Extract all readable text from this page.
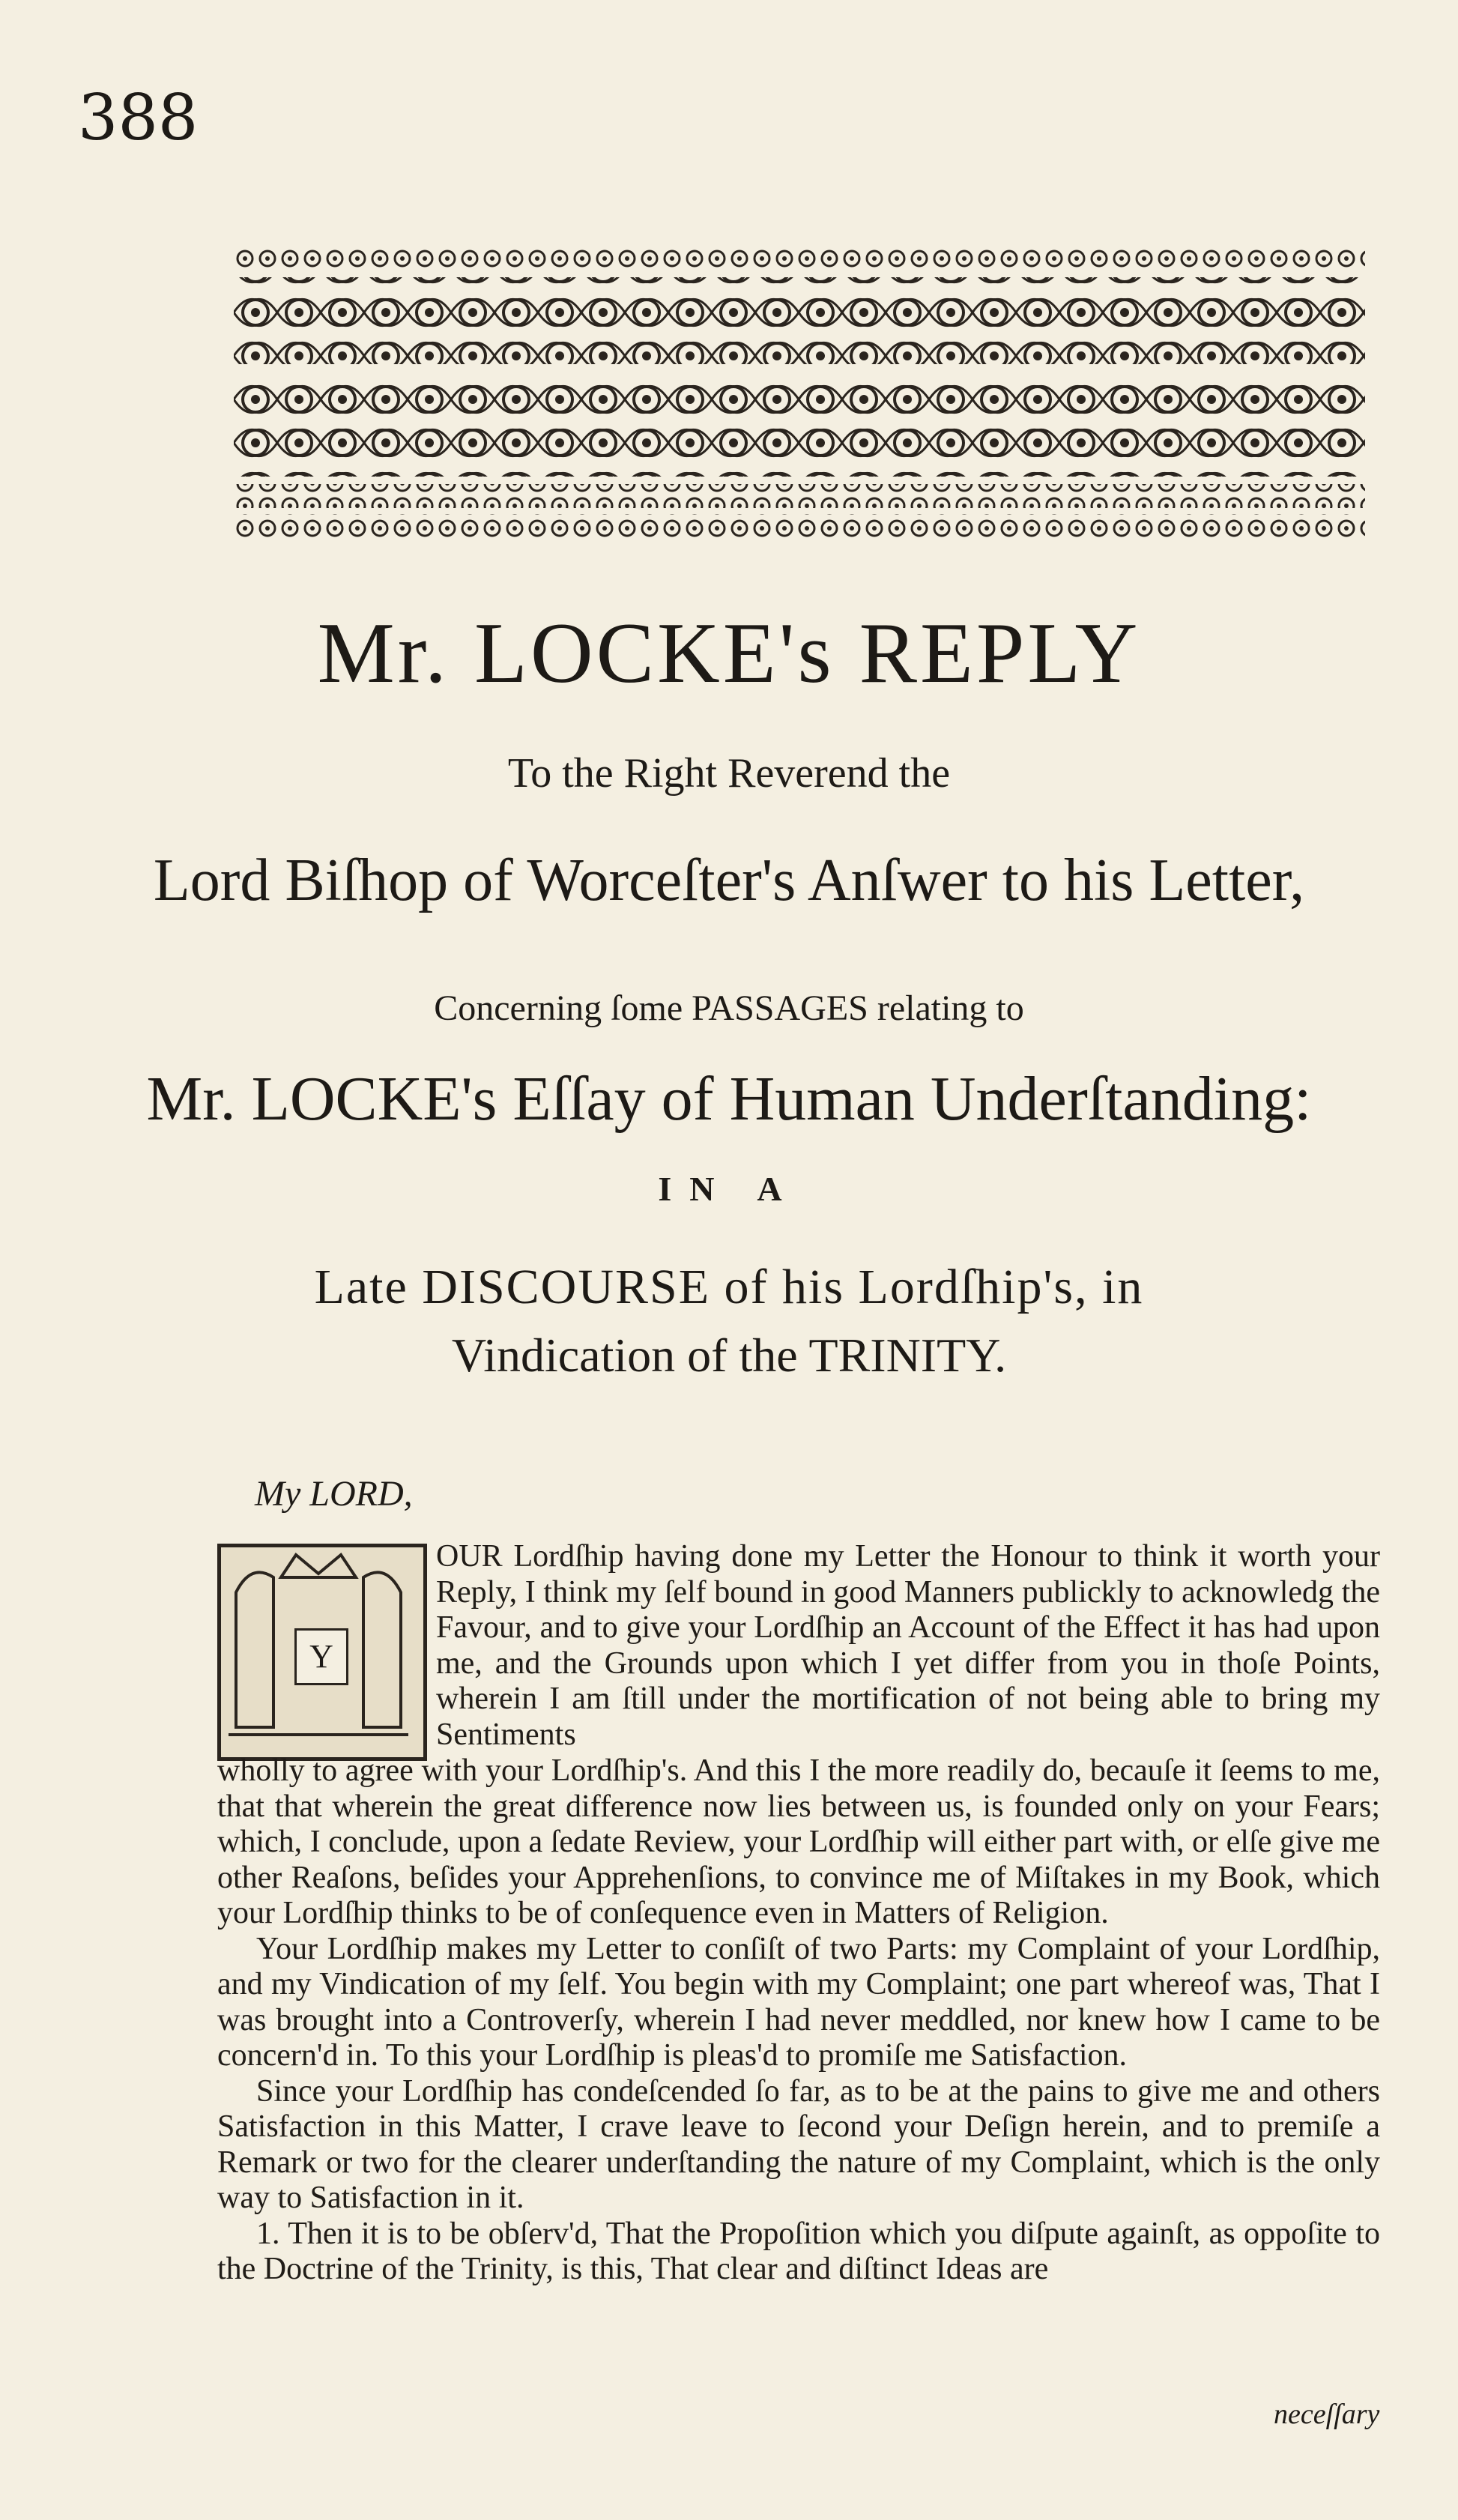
388
Mr. LOCKE's REPLY
To the Right Reverend the
Lord Biſhop of Worceſter's Anſwer to his Letter,
Concerning ſome PASSAGES relating to
Mr. LOCKE's Eſſay of Human Underſtanding:
IN A
Late DISCOURSE of his Lordſhip's, in
Vindication of the TRINITY.
My LORD,
Y
OUR Lordſhip having done my Letter the Honour to think it worth your Reply, I think my ſelf bound in good Manners publickly to acknowledg the Favour, and to give your Lordſhip an Account of the Effect it has had upon me, and the Grounds upon which I yet differ from you in thoſe Points, wherein I am ſtill under the mortification of not being able to bring my Sentiments

wholly to agree with your Lordſhip's. And this I the more readily do, becauſe it ſeems to me, that that wherein the great difference now lies between us, is founded only on your Fears; which, I conclude, upon a ſedate Review, your Lordſhip will either part with, or elſe give me other Reaſons, beſides your Apprehenſions, to convince me of Miſtakes in my Book, which your Lordſhip thinks to be of conſequence even in Matters of Religion.

Your Lordſhip makes my Letter to conſiſt of two Parts: my Complaint of your Lordſhip, and my Vindication of my ſelf. You begin with my Complaint; one part whereof was, That I was brought into a Controverſy, wherein I had never meddled, nor knew how I came to be concern'd in. To this your Lordſhip is pleas'd to promiſe me Satisfaction.

Since your Lordſhip has condeſcended ſo far, as to be at the pains to give me and others Satisfaction in this Matter, I crave leave to ſecond your Deſign herein, and to premiſe a Remark or two for the clearer underſtanding the nature of my Complaint, which is the only way to Satisfaction in it.

1. Then it is to be obſerv'd, That the Propoſition which you diſpute againſt, as oppoſite to the Doctrine of the Trinity, is this, That clear and diſtinct Ideas are

neceſſary
